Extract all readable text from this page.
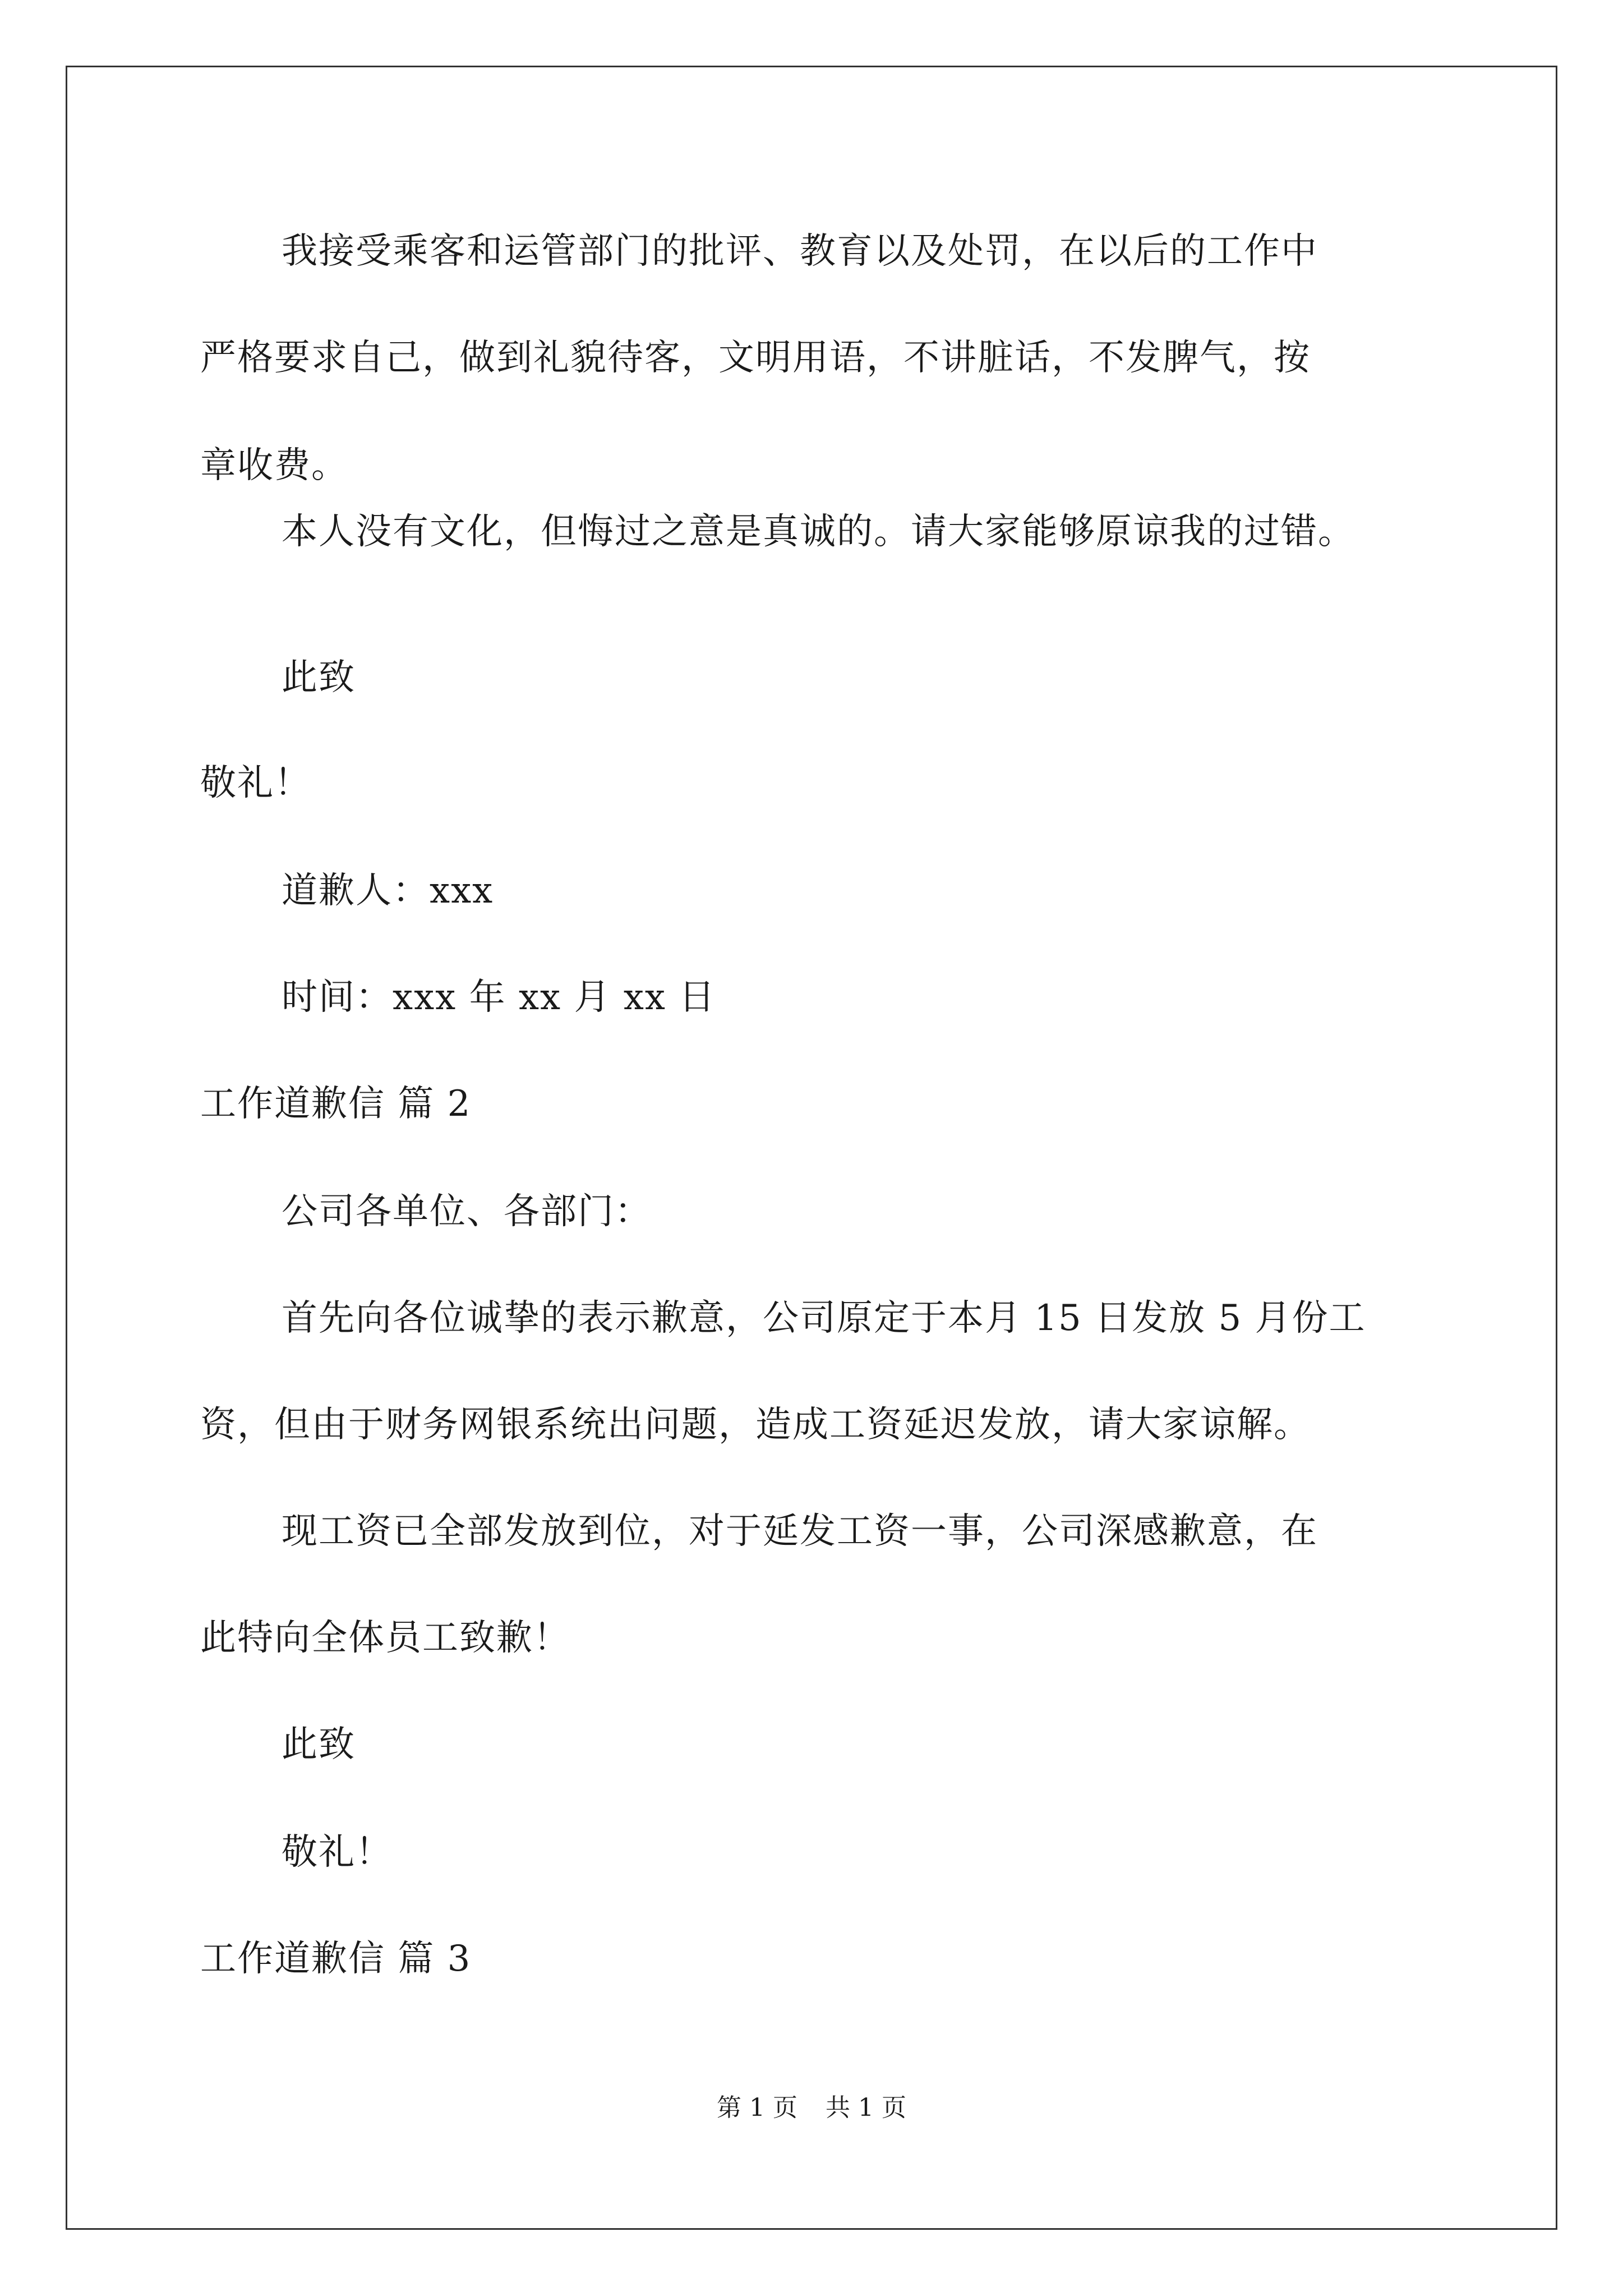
我接受乘客和运管部门的批评、教育以及处罚，在以后的工作中
严格要求自己，做到礼貌待客，文明用语，不讲脏话，不发脾气，按
章收费。
本人没有文化，但悔过之意是真诚的。请大家能够原谅我的过错。
此致
敬礼！
道歉人：xxx
时间：xxx 年 xx 月 xx 日
工作道歉信 篇 2
公司各单位、各部门：
首先向各位诚挚的表示歉意，公司原定于本月 15 日发放 5 月份工
资，但由于财务网银系统出问题，造成工资延迟发放，请大家谅解。
现工资已全部发放到位，对于延发工资一事，公司深感歉意，在
此特向全体员工致歉！
此致
敬礼！
工作道歉信 篇 3
第 1 页 共 1 页
